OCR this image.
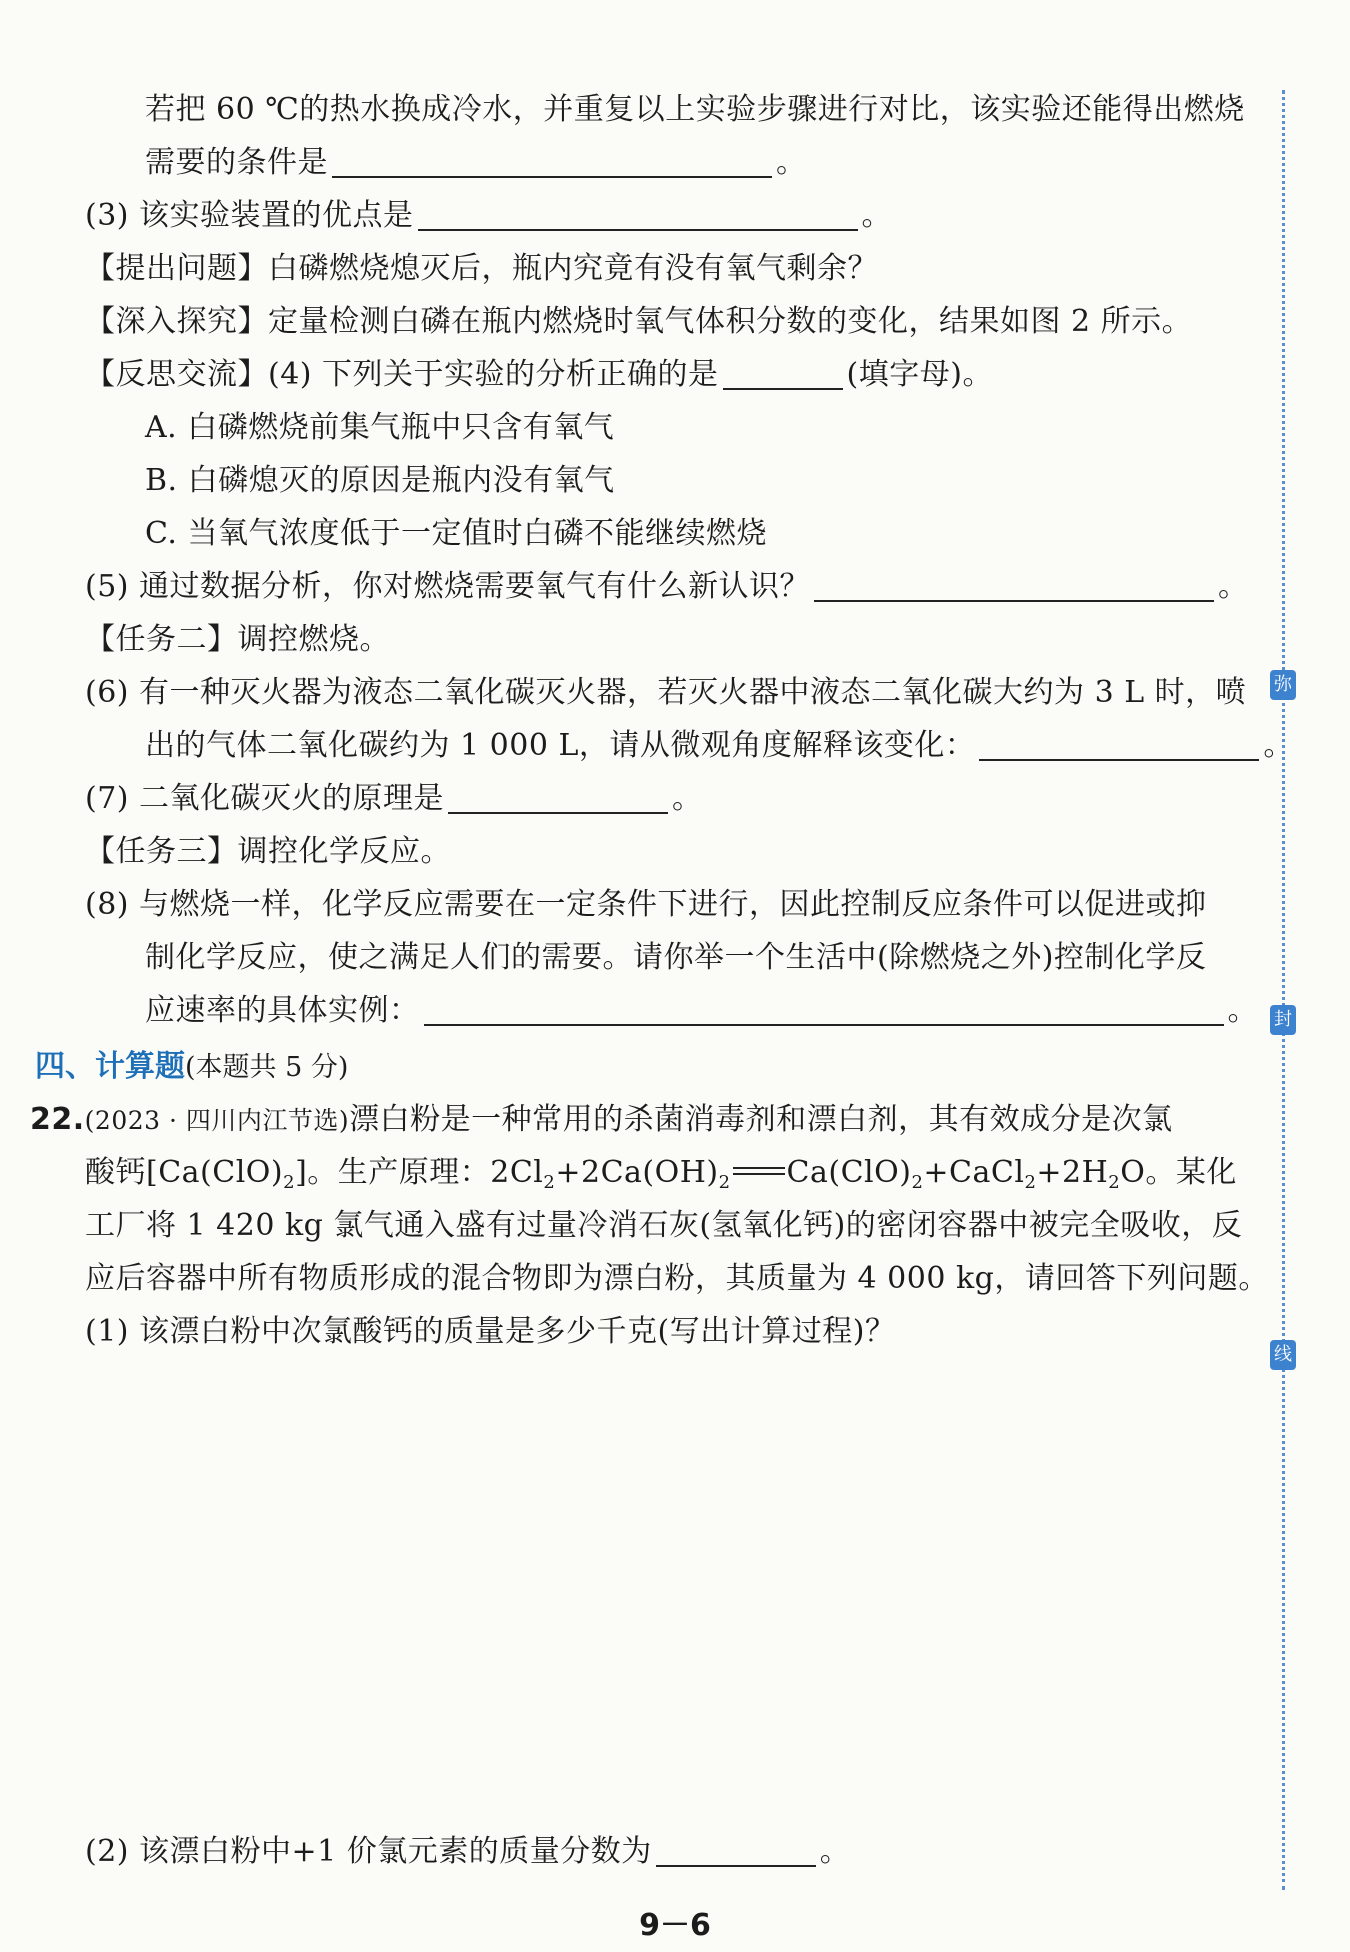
若把 60 ℃的热水换成冷水，并重复以上实验步骤进行对比，该实验还能得出燃烧
需要的条件是	。
(3) 该实验装置的优点是	。
【提出问题】白磷燃烧熄灭后，瓶内究竟有没有氧气剩余？
【深入探究】定量检测白磷在瓶内燃烧时氧气体积分数的变化，结果如图 2 所示。
【反思交流】(4) 下列关于实验的分析正确的是	(填字母)。
A. 白磷燃烧前集气瓶中只含有氧气
B. 白磷熄灭的原因是瓶内没有氧气
C. 当氧气浓度低于一定值时白磷不能继续燃烧
(5) 通过数据分析，你对燃烧需要氧气有什么新认识？	。
【任务二】调控燃烧。
(6) 有一种灭火器为液态二氧化碳灭火器，若灭火器中液态二氧化碳大约为 3 L 时，喷
出的气体二氧化碳约为 1 000 L，请从微观角度解释该变化：	。
(7) 二氧化碳灭火的原理是	。
【任务三】调控化学反应。
(8) 与燃烧一样，化学反应需要在一定条件下进行，因此控制反应条件可以促进或抑
制化学反应，使之满足人们的需要。请你举一个生活中(除燃烧之外)控制化学反
应速率的具体实例：	。
四、计算题(本题共 5 分)
22.(2023 · 四川内江节选)漂白粉是一种常用的杀菌消毒剂和漂白剂，其有效成分是次氯
酸钙$[Ca(ClO)_2]$。生产原理：$2Cl_2+2Ca(OH)_2$ $Ca(ClO)_2+CaCl_2+2H_2O$。某化
工厂将 1 420 kg 氯气通入盛有过量冷消石灰(氢氧化钙)的密闭容器中被完全吸收，反
应后容器中所有物质形成的混合物即为漂白粉，其质量为 4 000 kg，请回答下列问题。
(1) 该漂白粉中次氯酸钙的质量是多少千克(写出计算过程)？
(2) 该漂白粉中+1 价氯元素的质量分数为	。
弥
封
线
9－6
